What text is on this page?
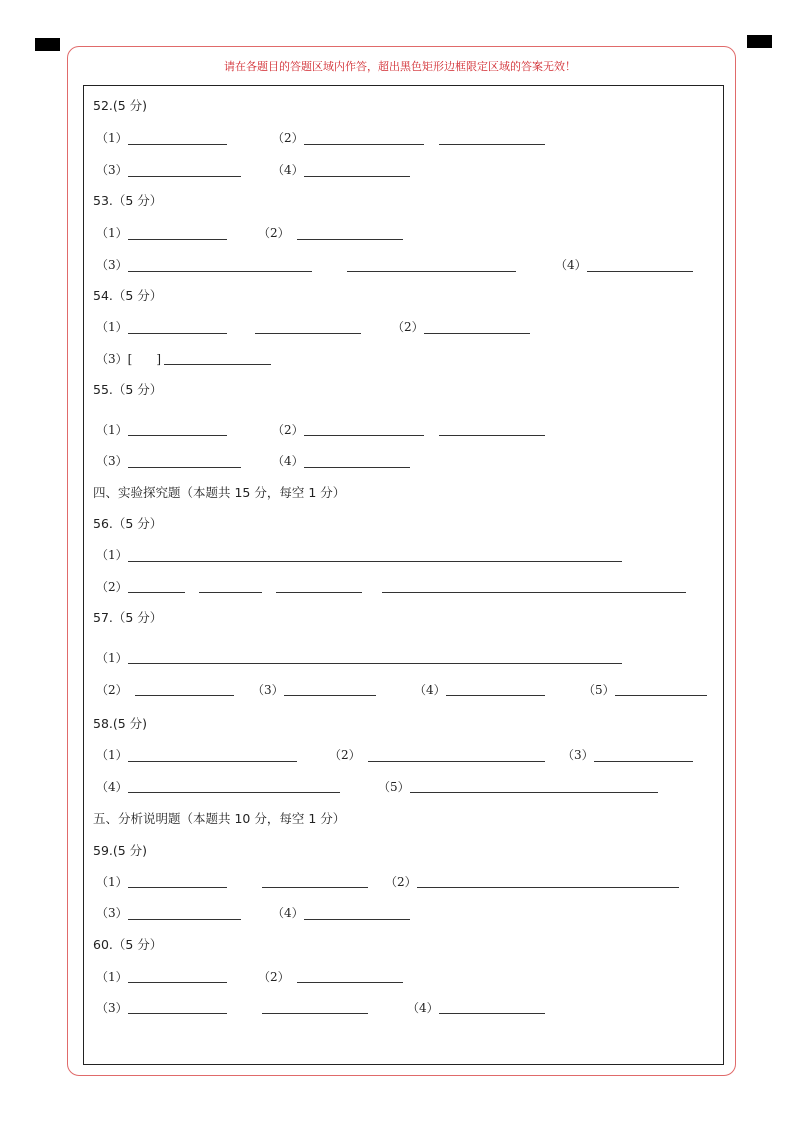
请在各题目的答题区域内作答，超出黑色矩形边框限定区域的答案无效！
52.(5 分)
（1）	（2）
（3）	（4）
53.（5 分）
（1）	（2）
（3）	（4）
54.（5 分）
（1）	（2）
（3）[　　]
55.（5 分）
（1）	（2）
（3）	（4）
四、实验探究题（本题共 15 分，每空 1 分）
56.（5 分）
（1）
（2）
57.（5 分）
（1）
（2）	（3）	（4）	（5）
58.(5 分)
（1）	（2）	（3）
（4）	（5）
五、分析说明题（本题共 10 分，每空 1 分）
59.(5 分)
（1）	（2）
（3）	（4）
60.（5 分）
（1）	（2）
（3）	（4）
